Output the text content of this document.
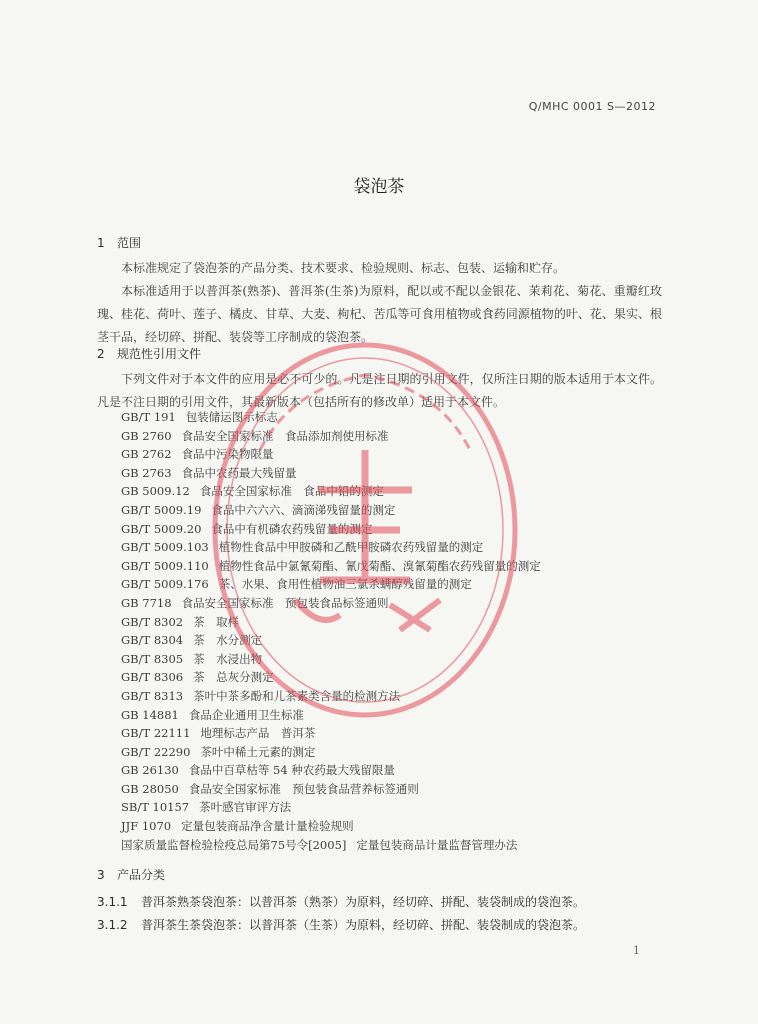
Q/MHC 0001 S—2012
袋泡茶
1 范围

本标准规定了袋泡茶的产品分类、技术要求、检验规则、标志、包装、运输和贮存。

本标准适用于以普洱茶(熟茶)、普洱茶(生茶)为原料，配以或不配以金银花、茉莉花、菊花、重瓣红玫瑰、桂花、荷叶、莲子、橘皮、甘草、大麦、枸杞、苦瓜等可食用植物或食药同源植物的叶、花、果实、根茎干品，经切碎、拼配、装袋等工序制成的袋泡茶。

2 规范性引用文件

下列文件对于本文件的应用是必不可少的。凡是注日期的引用文件，仅所注日期的版本适用于本文件。凡是不注日期的引用文件，其最新版本（包括所有的修改单）适用于本文件。

GB/T 191 包装储运图示标志
GB 2760 食品安全国家标准　食品添加剂使用标准
GB 2762 食品中污染物限量
GB 2763 食品中农药最大残留量
GB 5009.12 食品安全国家标准　食品中铅的测定
GB/T 5009.19 食品中六六六、滴滴涕残留量的测定
GB/T 5009.20 食品中有机磷农药残留量的测定
GB/T 5009.103 植物性食品中甲胺磷和乙酰甲胺磷农药残留量的测定
GB/T 5009.110 植物性食品中氯氰菊酯、氰戊菊酯、溴氰菊酯农药残留量的测定
GB/T 5009.176 茶、水果、食用性植物油三氯杀螨醇残留量的测定
GB 7718 食品安全国家标准　预包装食品标签通则
GB/T 8302 茶　取样
GB/T 8304 茶　水分测定
GB/T 8305 茶　水浸出物
GB/T 8306 茶　总灰分测定
GB/T 8313 茶叶中茶多酚和儿茶素类含量的检测方法
GB 14881 食品企业通用卫生标准
GB/T 22111 地理标志产品　普洱茶
GB/T 22290 茶叶中稀土元素的测定
GB 26130 食品中百草枯等 54 种农药最大残留限量
GB 28050 食品安全国家标准　预包装食品营养标签通则
SB/T 10157 茶叶感官审评方法
JJF 1070 定量包装商品净含量计量检验规则
国家质量监督检验检疫总局第75号令[2005] 定量包装商品计量监督管理办法
3 产品分类
3.1.1 普洱茶熟茶袋泡茶：以普洱茶（熟茶）为原料，经切碎、拼配、装袋制成的袋泡茶。
3.1.2 普洱茶生茶袋泡茶：以普洱茶（生茶）为原料，经切碎、拼配、装袋制成的袋泡茶。
1
